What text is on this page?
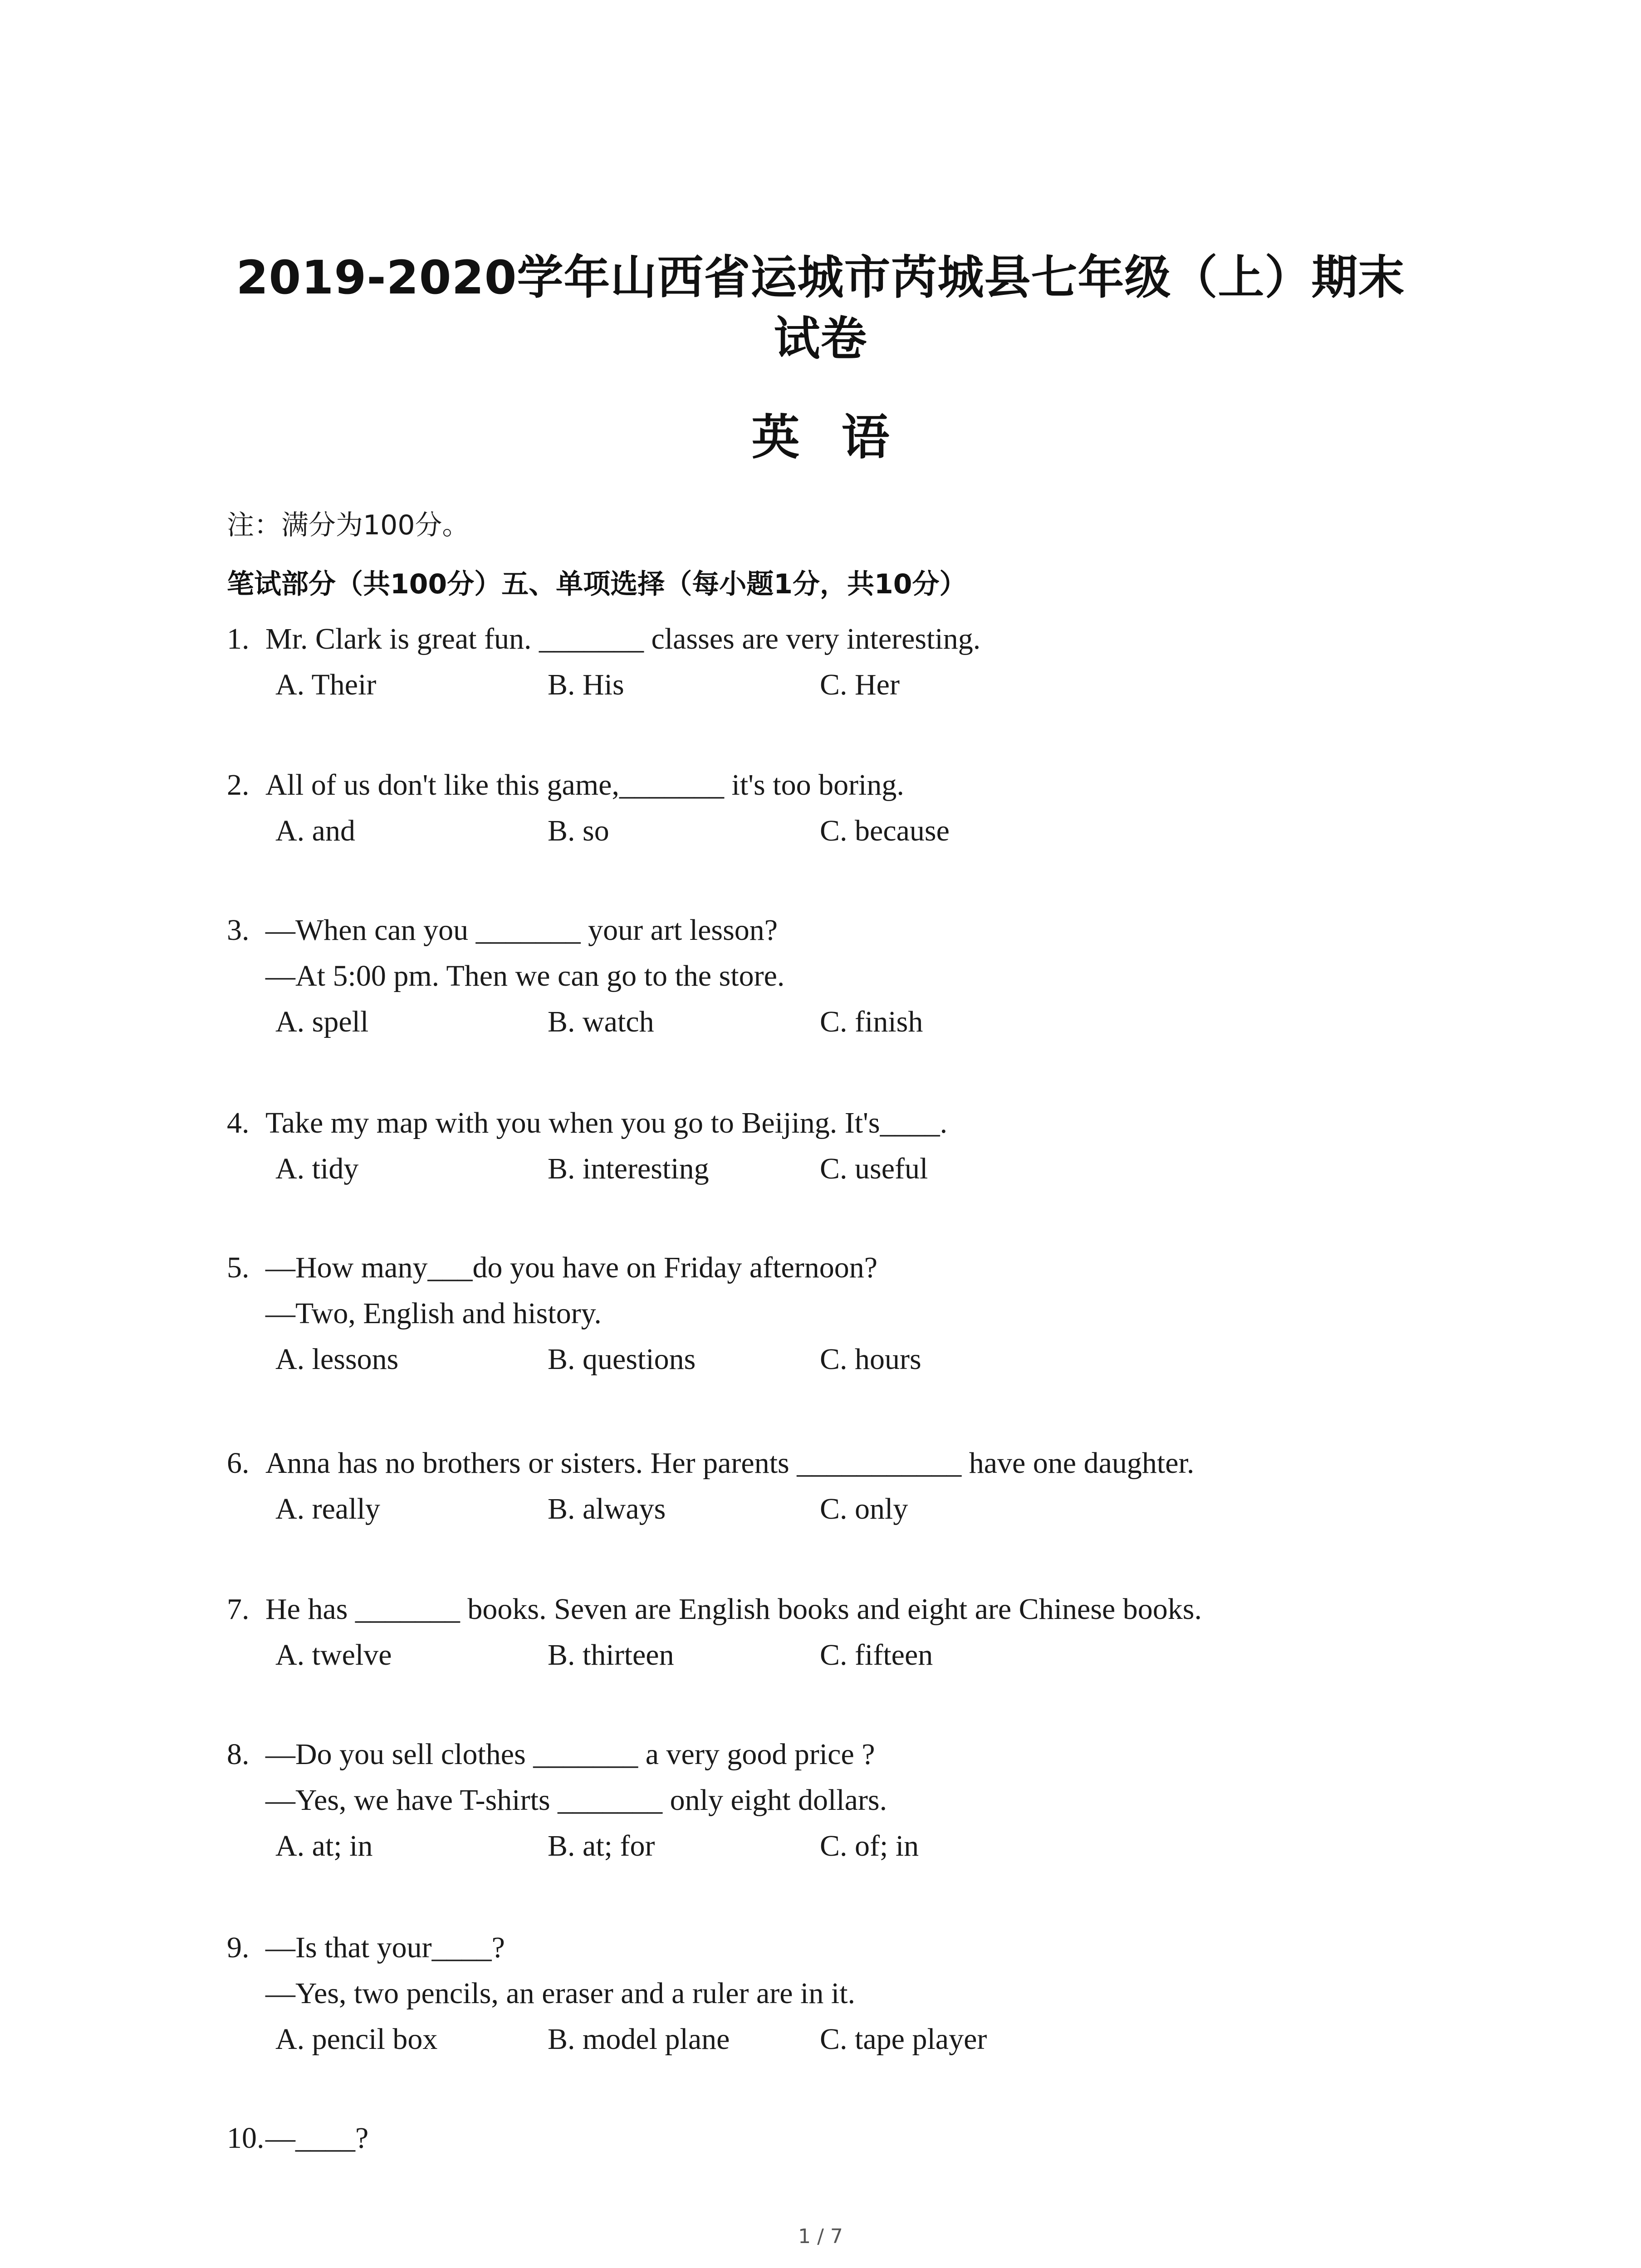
2019-2020学年山西省运城市芮城县七年级（上）期末
试卷
英语
注：满分为100分。
笔试部分（共100分）五、单项选择（每小题1分，共10分）
1. Mr. Clark is great fun. _______ classes are very interesting.
A. Their	B. His	C. Her
2. All of us don't like this game,_______ it's too boring.
A. and	B. so	C. because
3. —When can you _______ your art lesson?
—At 5:00 pm. Then we can go to the store.
A. spell	B. watch	C. finish
4. Take my map with you when you go to Beijing. It's____.
A. tidy	B. interesting	C. useful
5. —How many___do you have on Friday afternoon?
—Two, English and history.
A. lessons	B. questions	C. hours
6. Anna has no brothers or sisters. Her parents ___________ have one daughter.
A. really	B. always	C. only
7. He has _______ books. Seven are English books and eight are Chinese books.
A. twelve	B. thirteen	C. fifteen
8. —Do you sell clothes _______ a very good price ?
—Yes, we have T-shirts _______ only eight dollars.
A. at; in	B. at; for	C. of; in
9. —Is that your____?
—Yes, two pencils, an eraser and a ruler are in it.
A. pencil box	B. model plane	C. tape player
10. —____?
1 / 7
